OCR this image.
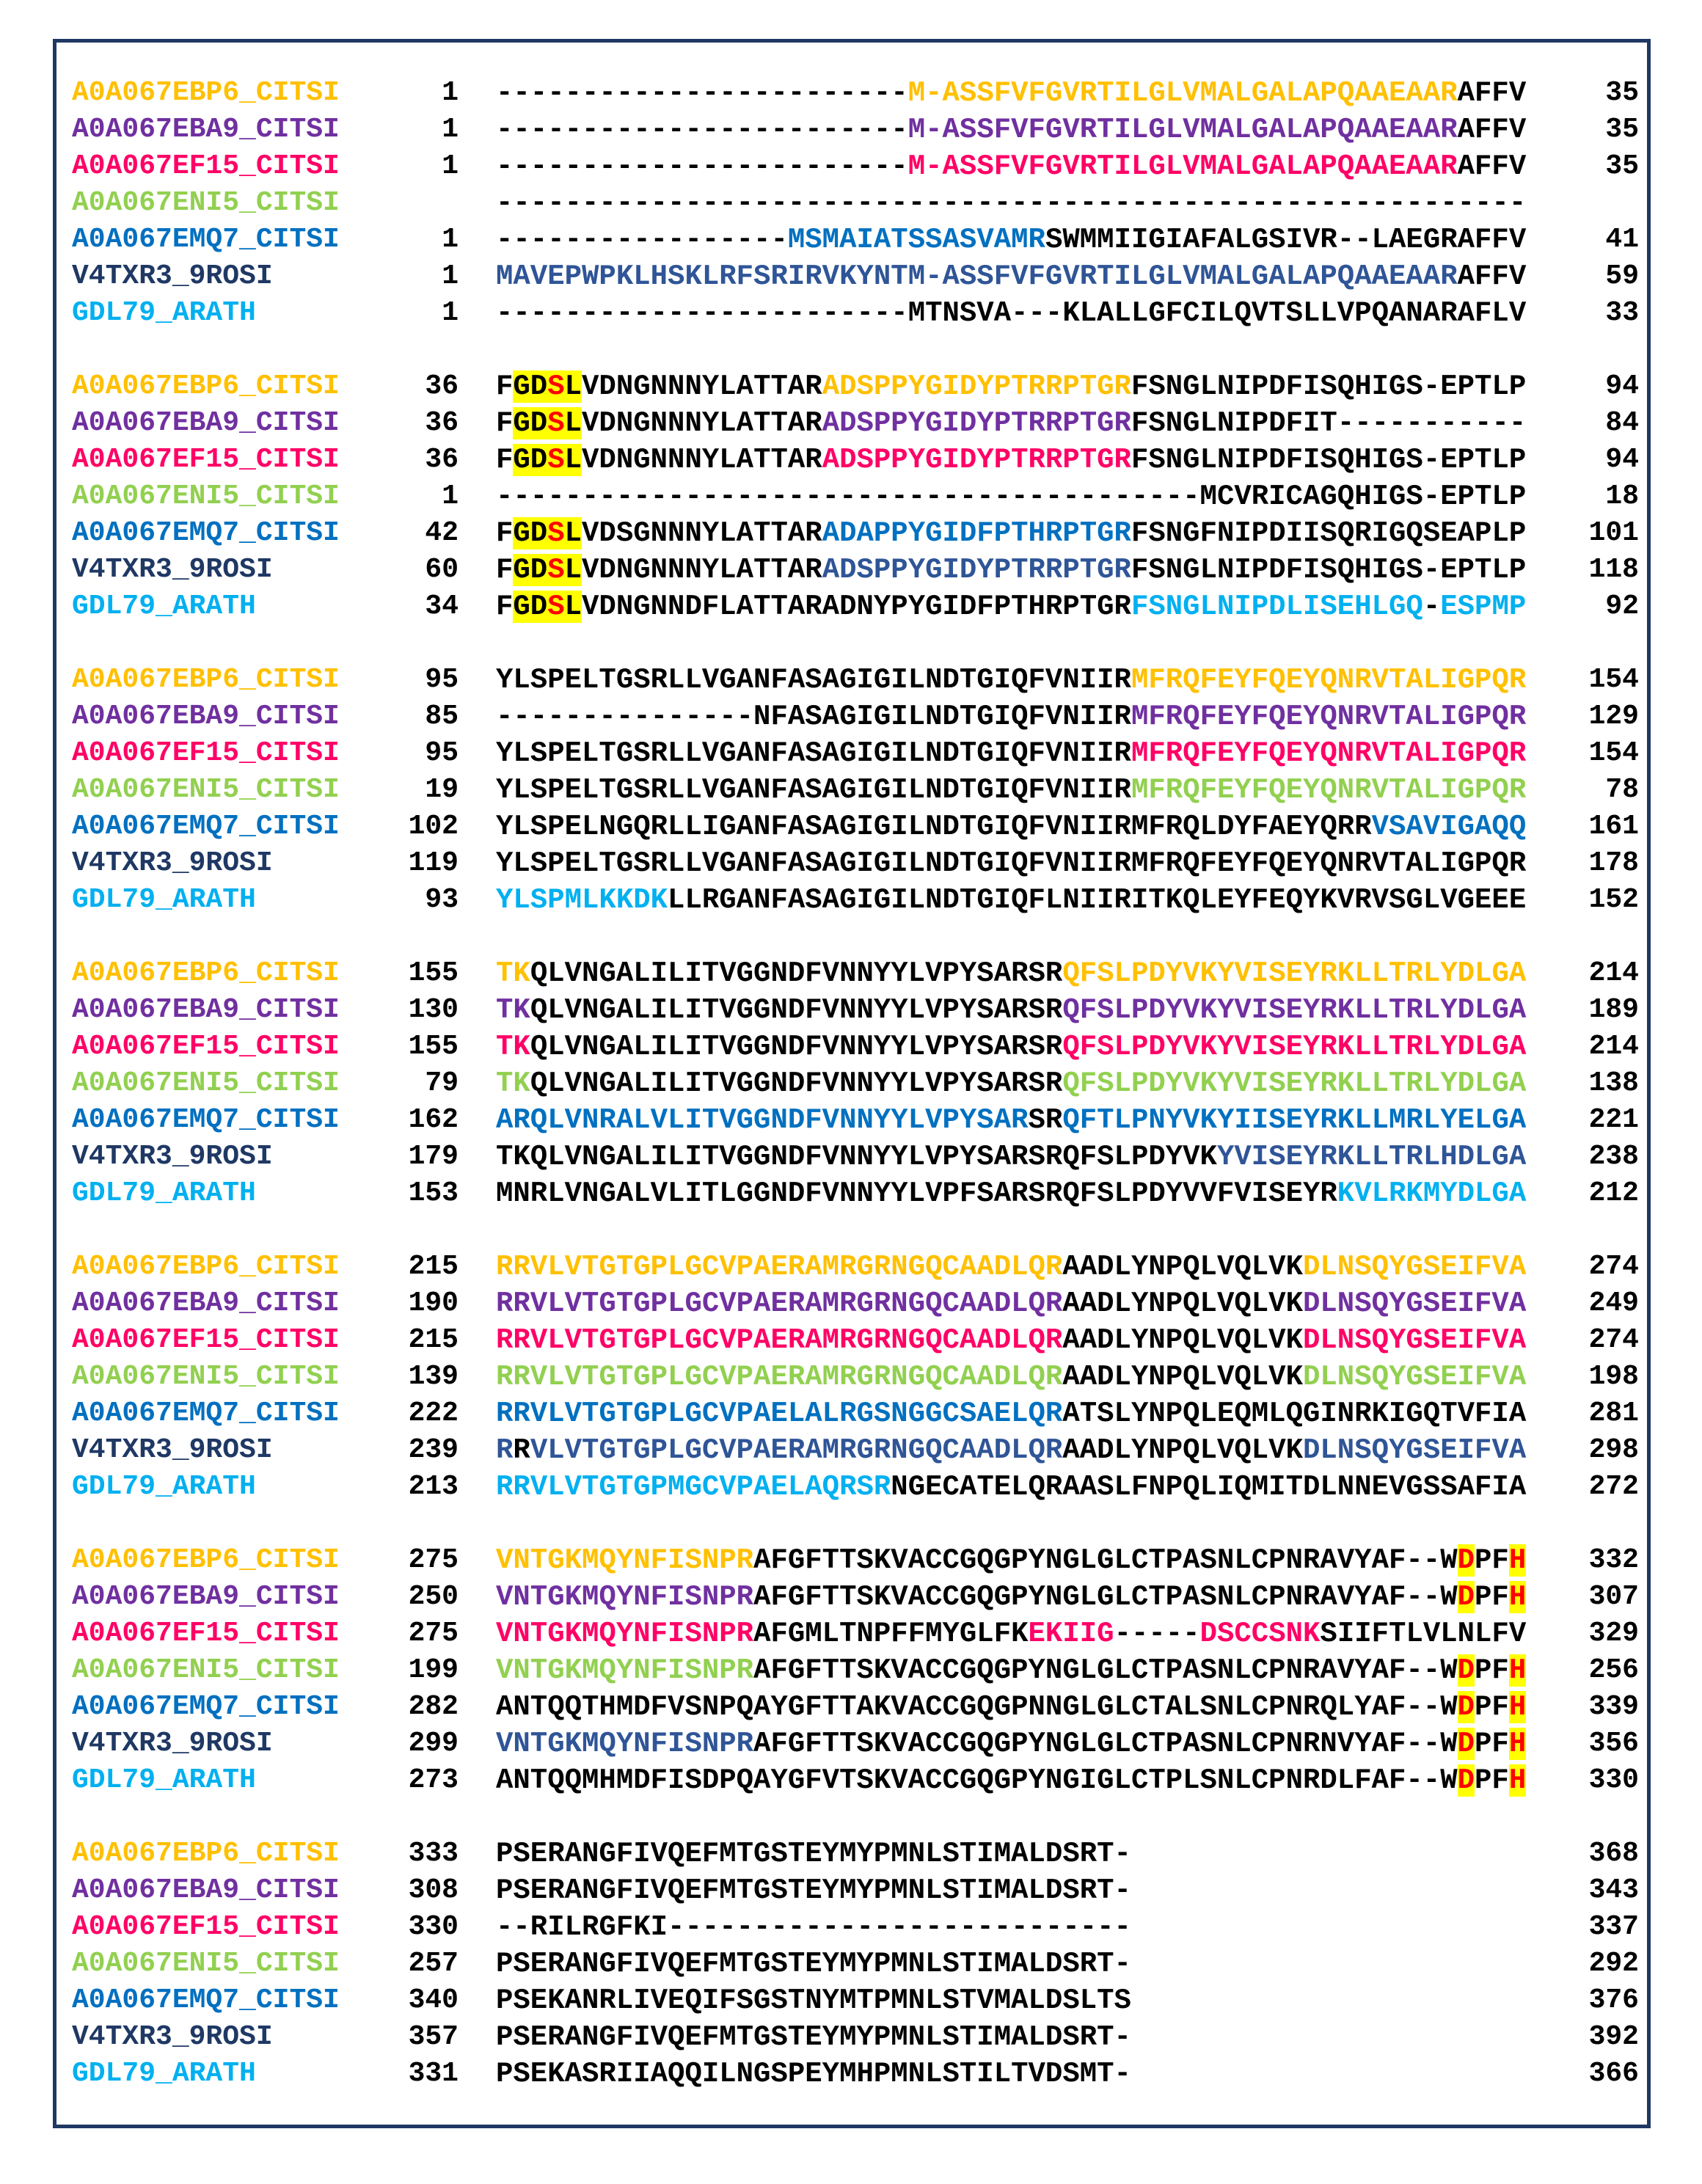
A0A067EBP6_CITSI	1 ------------------------M-ASSFVFGVRTILGLVMALGALAPQAAEAARAFFV	35
A0A067EBA9_CITSI	1 ------------------------M-ASSFVFGVRTILGLVMALGALAPQAAEAARAFFV	35
A0A067EF15_CITSI	1 ------------------------M-ASSFVFGVRTILGLVMALGALAPQAAEAARAFFV	35
A0A067ENI5_CITSI	------------------------------------------------------------
A0A067EMQ7_CITSI	1 -----------------MSMAIATSSASVAMRSWMMIIGIAFALGSIVR--LAEGRAFFV	41
V4TXR3_9ROSI	1 MAVEPWPKLHSKLRFSRIRVKYNTM-ASSFVFGVRTILGLVMALGALAPQAAEAARAFFV	59
GDL79_ARATH	1 ------------------------MTNSVA---KLALLGFCILQVTSLLVPQANARAFLV	33
A0A067EBP6_CITSI	36 FGDSLVDNGNNNYLATTARADSPPYGIDYPTRRPTGRFSNGLNIPDFISQHIGS-EPTLP	94
A0A067EBA9_CITSI	36 FGDSLVDNGNNNYLATTARADSPPYGIDYPTRRPTGRFSNGLNIPDFIT-----------	84
A0A067EF15_CITSI	36 FGDSLVDNGNNNYLATTARADSPPYGIDYPTRRPTGRFSNGLNIPDFISQHIGS-EPTLP	94
A0A067ENI5_CITSI	1 -----------------------------------------MCVRICAGQHIGS-EPTLP	18
A0A067EMQ7_CITSI	42 FGDSLVDSGNNNYLATTARADAPPYGIDFPTHRPTGRFSNGFNIPDIISQRIGQSEAPLP 101
V4TXR3_9ROSI	60 FGDSLVDNGNNNYLATTARADSPPYGIDYPTRRPTGRFSNGLNIPDFISQHIGS-EPTLP 118
GDL79_ARATH	34 FGDSLVDNGNNDFLATTARADNYPYGIDFPTHRPTGRFSNGLNIPDLISEHLGQ-ESPMP	92
A0A067EBP6_CITSI	95 YLSPELTGSRLLVGANFASAGIGILNDTGIQFVNIIRMFRQFEYFQEYQNRVTALIGPQR 154
A0A067EBA9_CITSI	85 ---------------NFASAGIGILNDTGIQFVNIIRMFRQFEYFQEYQNRVTALIGPQR 129
A0A067EF15_CITSI	95 YLSPELTGSRLLVGANFASAGIGILNDTGIQFVNIIRMFRQFEYFQEYQNRVTALIGPQR 154
A0A067ENI5_CITSI	19 YLSPELTGSRLLVGANFASAGIGILNDTGIQFVNIIRMFRQFEYFQEYQNRVTALIGPQR	78
A0A067EMQ7_CITSI 102 YLSPELNGQRLLIGANFASAGIGILNDTGIQFVNIIRMFRQLDYFAEYQRRVSAVIGAQQ 161
V4TXR3_9ROSI	119 YLSPELTGSRLLVGANFASAGIGILNDTGIQFVNIIRMFRQFEYFQEYQNRVTALIGPQR 178
GDL79_ARATH	93 YLSPMLKKDKLLRGANFASAGIGILNDTGIQFLNIIRITKQLEYFEQYKVRVSGLVGEEE 152
A0A067EBP6_CITSI 155 TKQLVNGALILITVGGNDFVNNYYLVPYSARSRQFSLPDYVKYVISEYRKLLTRLYDLGA 214
A0A067EBA9_CITSI 130 TKQLVNGALILITVGGNDFVNNYYLVPYSARSRQFSLPDYVKYVISEYRKLLTRLYDLGA 189
A0A067EF15_CITSI 155 TKQLVNGALILITVGGNDFVNNYYLVPYSARSRQFSLPDYVKYVISEYRKLLTRLYDLGA 214
A0A067ENI5_CITSI	79 TKQLVNGALILITVGGNDFVNNYYLVPYSARSRQFSLPDYVKYVISEYRKLLTRLYDLGA 138
A0A067EMQ7_CITSI 162 ARQLVNRALVLITVGGNDFVNNYYLVPYSARSRQFTLPNYVKYIISEYRKLLMRLYELGA 221
V4TXR3_9ROSI	179 TKQLVNGALILITVGGNDFVNNYYLVPYSARSRQFSLPDYVKYVISEYRKLLTRLHDLGA 238
GDL79_ARATH	153 MNRLVNGALVLITLGGNDFVNNYYLVPFSARSRQFSLPDYVVFVISEYRKVLRKMYDLGA 212
A0A067EBP6_CITSI 215 RRVLVTGTGPLGCVPAERAMRGRNGQCAADLQRAADLYNPQLVQLVKDLNSQYGSEIFVA 274
A0A067EBA9_CITSI 190 RRVLVTGTGPLGCVPAERAMRGRNGQCAADLQRAADLYNPQLVQLVKDLNSQYGSEIFVA 249
A0A067EF15_CITSI 215 RRVLVTGTGPLGCVPAERAMRGRNGQCAADLQRAADLYNPQLVQLVKDLNSQYGSEIFVA 274
A0A067ENI5_CITSI 139 RRVLVTGTGPLGCVPAERAMRGRNGQCAADLQRAADLYNPQLVQLVKDLNSQYGSEIFVA 198
A0A067EMQ7_CITSI 222 RRVLVTGTGPLGCVPAELALRGSNGGCSAELQRATSLYNPQLEQMLQGINRKIGQTVFIA 281
V4TXR3_9ROSI	239 RRVLVTGTGPLGCVPAERAMRGRNGQCAADLQRAADLYNPQLVQLVKDLNSQYGSEIFVA 298
GDL79_ARATH	213 RRVLVTGTGPMGCVPAELAQRSRNGECATELQRAASLFNPQLIQMITDLNNEVGSSAFIA 272
A0A067EBP6_CITSI 275 VNTGKMQYNFISNPRAFGFTTSKVACCGQGPYNGLGLCTPASNLCPNRAVYAF--WDPFH 332
A0A067EBA9_CITSI 250 VNTGKMQYNFISNPRAFGFTTSKVACCGQGPYNGLGLCTPASNLCPNRAVYAF--WDPFH 307
A0A067EF15_CITSI 275 VNTGKMQYNFISNPRAFGMLTNPFFMYGLFKEKIIG-----DSCCSNKSIIFTLVLNLFV 329
A0A067ENI5_CITSI 199 VNTGKMQYNFISNPRAFGFTTSKVACCGQGPYNGLGLCTPASNLCPNRAVYAF--WDPFH 256
A0A067EMQ7_CITSI 282 ANTQQTHMDFVSNPQAYGFTTAKVACCGQGPNNGLGLCTALSNLCPNRQLYAF--WDPFH 339
V4TXR3_9ROSI	299 VNTGKMQYNFISNPRAFGFTTSKVACCGQGPYNGLGLCTPASNLCPNRNVYAF--WDPFH 356
GDL79_ARATH	273 ANTQQMHMDFISDPQAYGFVTSKVACCGQGPYNGIGLCTPLSNLCPNRDLFAF--WDPFH 330
A0A067EBP6_CITSI 333 PSERANGFIVQEFMTGSTEYMYPMNLSTIMALDSRT-	368
A0A067EBA9_CITSI 308 PSERANGFIVQEFMTGSTEYMYPMNLSTIMALDSRT-	343
A0A067EF15_CITSI 330 --RILRGFKI---------------------------	337
A0A067ENI5_CITSI 257 PSERANGFIVQEFMTGSTEYMYPMNLSTIMALDSRT-	292
A0A067EMQ7_CITSI 340 PSEKANRLIVEQIFSGSTNYMTPMNLSTVMALDSLTS	376
V4TXR3_9ROSI	357 PSERANGFIVQEFMTGSTEYMYPMNLSTIMALDSRT-	392
GDL79_ARATH	331 PSEKASRIIAQQILNGSPEYMHPMNLSTILTVDSMT-	366
